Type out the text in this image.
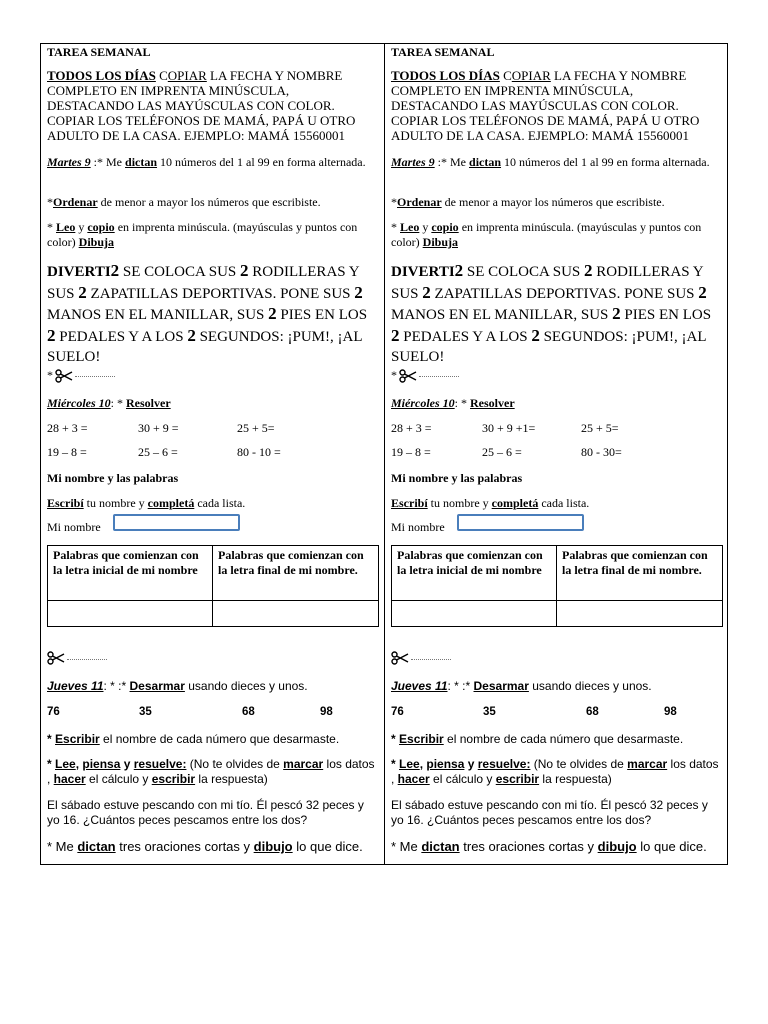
TAREA SEMANAL

TODOS LOS DÍAS COPIAR LA FECHA Y NOMBRE COMPLETO EN IMPRENTA MINÚSCULA, DESTACANDO LAS MAYÚSCULAS CON COLOR. COPIAR LOS TELÉFONOS DE MAMÁ, PAPÁ U OTRO ADULTO DE LA CASA. EJEMPLO: MAMÁ 15560001

Martes 9 :* Me dictan 10 números del 1 al 99 en forma alternada.

*Ordenar de menor a mayor los números que escribiste.

* Leo y copio en imprenta minúscula. (mayúsculas y puntos con color) Dibuja

DIVERTI2 SE COLOCA SUS 2 RODILLERAS Y SUS 2 ZAPATILLAS DEPORTIVAS. PONE SUS 2 MANOS EN EL MANILLAR, SUS 2 PIES EN LOS 2 PEDALES Y A LOS 2 SEGUNDOS: ¡PUM!, ¡AL SUELO!

*

Miércoles 10: * Resolver

28 + 3 =	30 + 9 =	25 + 5=
19 – 8 =	25 – 6 =	80 - 10 =

Mi nombre y las palabras

Escribí tu nombre y completá cada lista.

Mi nombre

Palabras que comienzan con la letra inicial de mi nombre	Palabras que comienzan con la letra final de mi nombre.

Jueves 11: * :* Desarmar usando dieces y unos.

76	35	68	98

* Escribir el nombre de cada número que desarmaste.

* Lee, piensa y resuelve: (No te olvides de marcar los datos , hacer el cálculo y escribir la respuesta)

El sábado estuve pescando con mi tío. Él pescó 32 peces y yo 16. ¿Cuántos peces pescamos entre los dos?

* Me dictan tres oraciones cortas y dibujo lo que dice.

TAREA SEMANAL

TODOS LOS DÍAS COPIAR LA FECHA Y NOMBRE COMPLETO EN IMPRENTA MINÚSCULA, DESTACANDO LAS MAYÚSCULAS CON COLOR. COPIAR LOS TELÉFONOS DE MAMÁ, PAPÁ U OTRO ADULTO DE LA CASA. EJEMPLO: MAMÁ 15560001

Martes 9 :* Me dictan 10 números del 1 al 99 en forma alternada.

*Ordenar de menor a mayor los números que escribiste.

* Leo y copio en imprenta minúscula. (mayúsculas y puntos con color) Dibuja

DIVERTI2 SE COLOCA SUS 2 RODILLERAS Y SUS 2 ZAPATILLAS DEPORTIVAS. PONE SUS 2 MANOS EN EL MANILLAR, SUS 2 PIES EN LOS 2 PEDALES Y A LOS 2 SEGUNDOS: ¡PUM!, ¡AL SUELO!

*

Miércoles 10: * Resolver

28 + 3 =	30 + 9 +1=	25 + 5=
19 – 8 =	25 – 6 =	80 - 30=

Mi nombre y las palabras

Escribí tu nombre y completá cada lista.

Mi nombre

Palabras que comienzan con la letra inicial de mi nombre	Palabras que comienzan con la letra final de mi nombre.

Jueves 11: * :* Desarmar usando dieces y unos.

76	35	68	98

* Escribir el nombre de cada número que desarmaste.

* Lee, piensa y resuelve: (No te olvides de marcar los datos , hacer el cálculo y escribir la respuesta)

El sábado estuve pescando con mi tío. Él pescó 32 peces y yo 16. ¿Cuántos peces pescamos entre los dos?

* Me dictan tres oraciones cortas y dibujo lo que dice.
